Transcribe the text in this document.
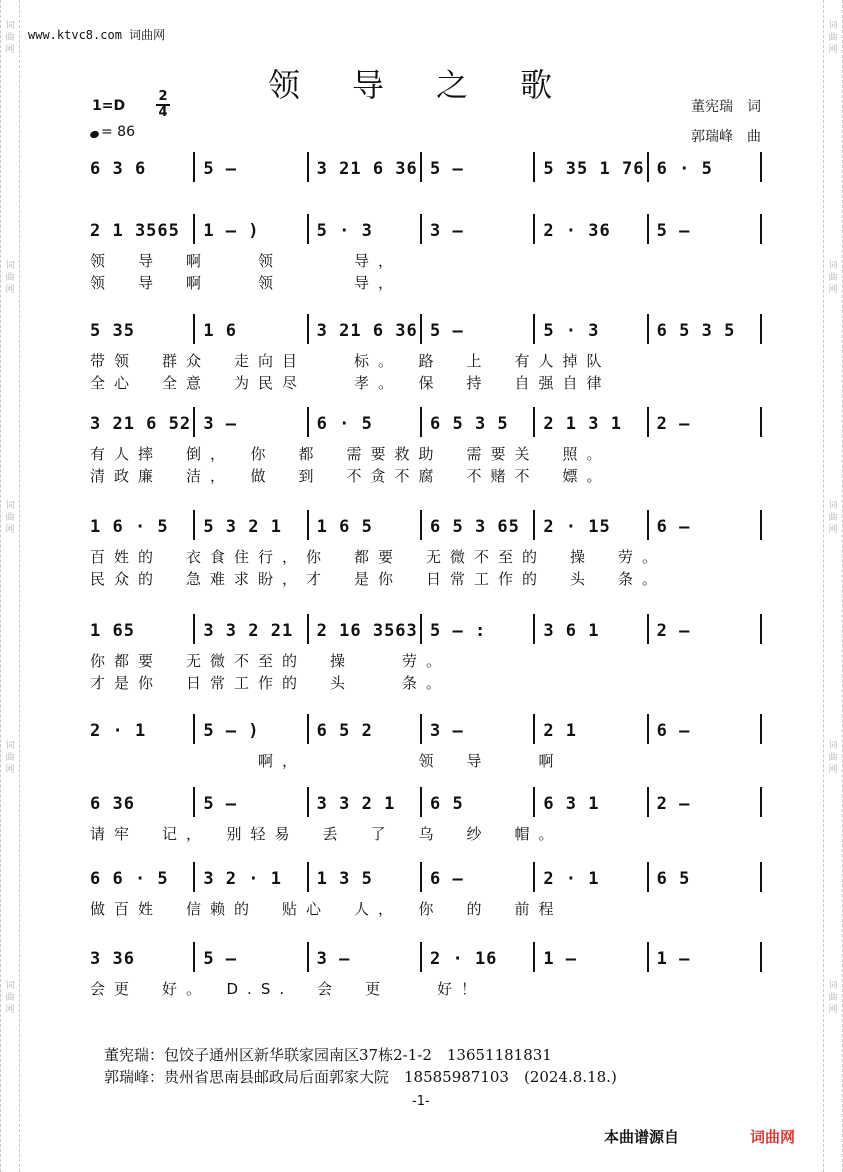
词
曲
网
词
曲
网
词
曲
网
词
曲
网
词
曲
网
词
曲
网
词
曲
网
词
曲
网
词
曲
网
词
曲
网
www.ktvc8.com 词曲网
领导之歌
1=D
2
4
= 86
董宪瑞　词
郭瑞峰　曲
6 3 6	5 —	3 21 6 36 5 —	5 35 1 76 6 · 5
2 1 3565 1 — )	5 · 3	3 —	2 · 36	5 —
领　导　啊　　领　　　导，
领　导　啊　　领　　　导，
5 35	1 6	3 21 6 36 5 —	5 · 3	6 5 3 5
带领　群众　走向目　　标。　路　上　有人掉队
全心　全意　为民尽　　孝。　保　持　自强自律
3 21 6 52 3 —	6 · 5	6 5 3 5 2 1 3 1 2 —
有人摔　倒，　你　都　需要救助　需要关　照。
清政廉　洁，　做　到　不贪不腐　不赌不　嫖。
1 6 · 5 5 3 2 1 1 6 5	6 5 3 65 2 · 15	6 —
百姓的　衣食住行，你　都要　无微不至的　操　劳。
民众的　急难求盼，才　是你　日常工作的　头　条。
1 65	3 3 2 21 2 16 3563 5 — :	3 6 1	2 —
你都要　无微不至的　操　　劳。
才是你　日常工作的　头　　条。
2 · 1	5 — )	6 5 2	3 —	2 1	6 —
　　　　　　　啊，　　　　　领　导　　啊
6 36	5 —	3 3 2 1 6 5	6 3 1	2 —
请牢　记，　别轻易　丢　了　乌　纱　帽。
6 6 · 5 3 2 · 1 1 3 5	6 —	2 · 1	6 5
做百姓　信赖的　贴心　人，　你　的　前程
3 36	5 —	3 —	2 · 16	1 —	1 —
会更　好。　D.S.　会　更　　好！
董宪瑞：包饺子通州区新华联家园南区37栋2-1-2　13651181831
郭瑞峰：贵州省思南县邮政局后面郭家大院　18585987103　(2024.8.18.)
-1-
本曲谱源自	词曲网
